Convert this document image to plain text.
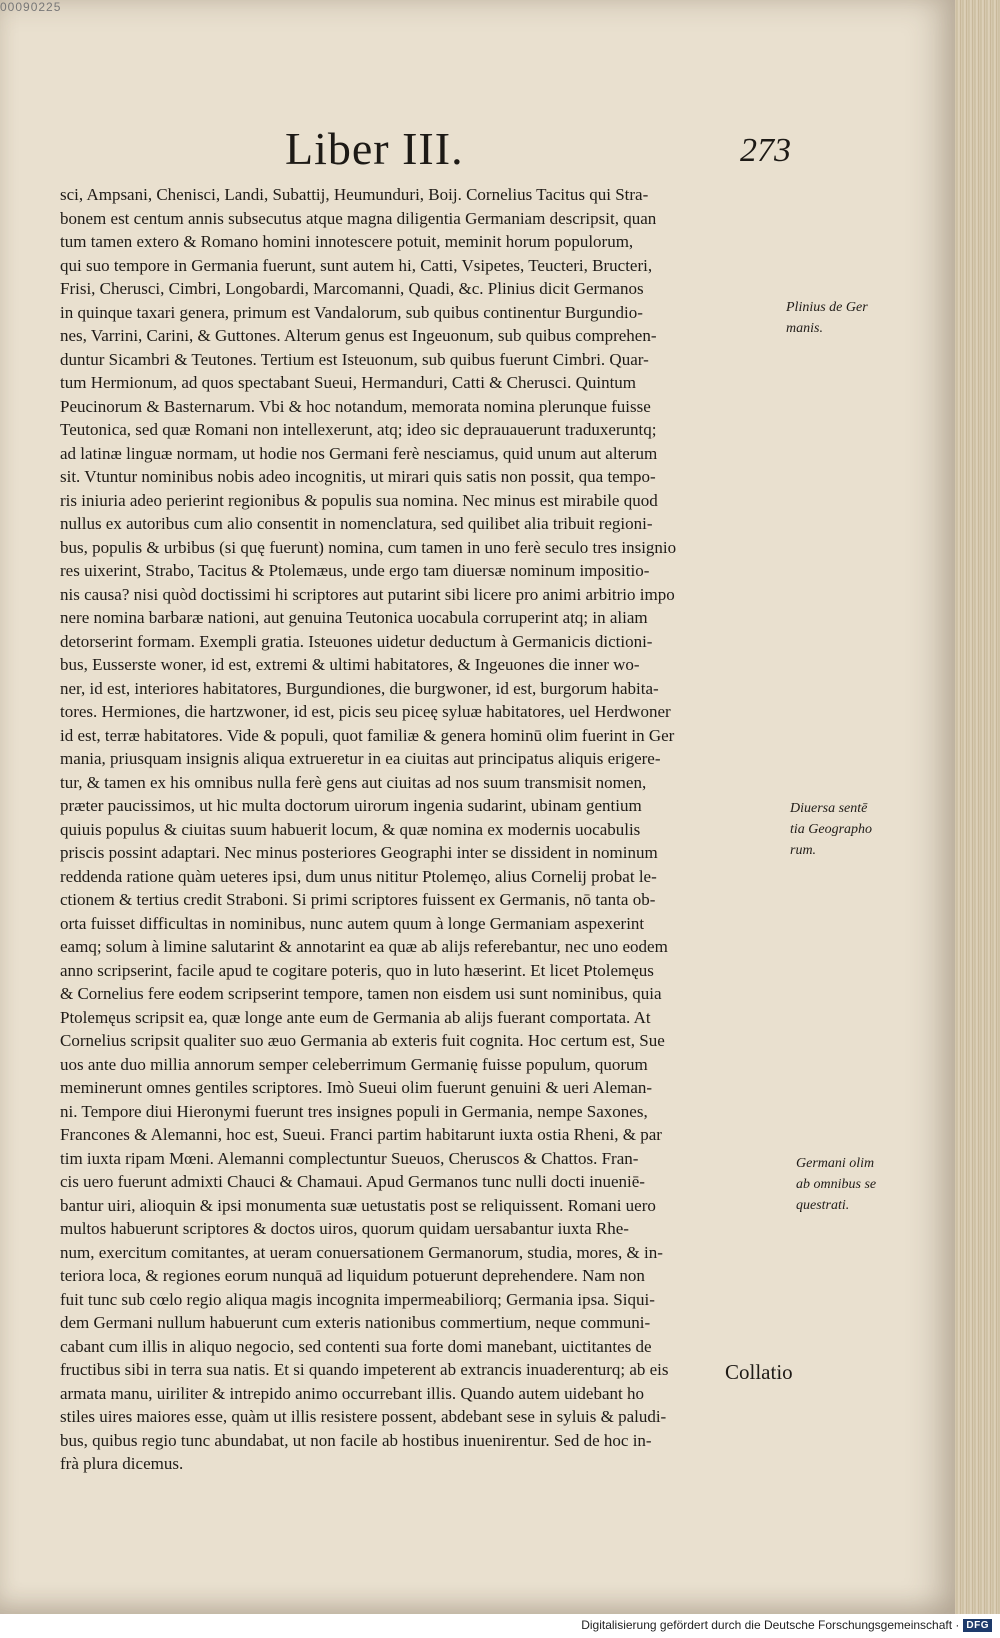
00090225
Liber III.	273
sci, Ampsani, Chenisci, Landi, Subattij, Heumunduri, Boij. Cornelius Tacitus qui Stra-
bonem est centum annis subsecutus atque magna diligentia Germaniam descripsit, quan
tum tamen extero & Romano homini innotescere potuit, meminit horum populorum,
qui suo tempore in Germania fuerunt, sunt autem hi, Catti, Vsipetes, Teucteri, Bructeri,
Frisi, Cherusci, Cimbri, Longobardi, Marcomanni, Quadi, &c. Plinius dicit Germanos
in quinque taxari genera, primum est Vandalorum, sub quibus continentur Burgundio-
nes, Varrini, Carini, & Guttones. Alterum genus est Ingeuonum, sub quibus comprehen-
duntur Sicambri & Teutones. Tertium est Isteuonum, sub quibus fuerunt Cimbri. Quar-
tum Hermionum, ad quos spectabant Sueui, Hermanduri, Catti & Cherusci. Quintum
Peucinorum & Basternarum. Vbi & hoc notandum, memorata nomina plerunque fuisse
Teutonica, sed quæ Romani non intellexerunt, atq; ideo sic deprauauerunt traduxeruntq;
ad latinæ linguæ normam, ut hodie nos Germani ferè nesciamus, quid unum aut alterum
sit. Vtuntur nominibus nobis adeo incognitis, ut mirari quis satis non possit, qua tempo-
ris iniuria adeo perierint regionibus & populis sua nomina. Nec minus est mirabile quod
nullus ex autoribus cum alio consentit in nomenclatura, sed quilibet alia tribuit regioni-
bus, populis & urbibus (si quę fuerunt) nomina, cum tamen in uno ferè seculo tres insignio
res uixerint, Strabo, Tacitus & Ptolemæus, unde ergo tam diuersæ nominum impositio-
nis causa? nisi quòd doctissimi hi scriptores aut putarint sibi licere pro animi arbitrio impo
nere nomina barbaræ nationi, aut genuina Teutonica uocabula corruperint atq; in aliam
detorserint formam. Exempli gratia. Isteuones uidetur deductum à Germanicis dictioni-
bus, Eusserste woner, id est, extremi & ultimi habitatores, & Ingeuones die inner wo-
ner, id est, interiores habitatores, Burgundiones, die burgwoner, id est, burgorum habita-
tores. Hermiones, die hartzwoner, id est, picis seu piceę syluæ habitatores, uel Herdwoner
id est, terræ habitatores. Vide & populi, quot familiæ & genera hominū olim fuerint in Ger
mania, priusquam insignis aliqua extrueretur in ea ciuitas aut principatus aliquis erigere-
tur, & tamen ex his omnibus nulla ferè gens aut ciuitas ad nos suum transmisit nomen,
præter paucissimos, ut hic multa doctorum uirorum ingenia sudarint, ubinam gentium
quiuis populus & ciuitas suum habuerit locum, & quæ nomina ex modernis uocabulis
priscis possint adaptari. Nec minus posteriores Geographi inter se dissident in nominum
reddenda ratione quàm ueteres ipsi, dum unus nititur Ptolemęo, alius Cornelij probat le-
ctionem & tertius credit Straboni. Si primi scriptores fuissent ex Germanis, nō tanta ob-
orta fuisset difficultas in nominibus, nunc autem quum à longe Germaniam aspexerint
eamq; solum à limine salutarint & annotarint ea quæ ab alijs referebantur, nec uno eodem
anno scripserint, facile apud te cogitare poteris, quo in luto hæserint. Et licet Ptolemęus
& Cornelius fere eodem scripserint tempore, tamen non eisdem usi sunt nominibus, quia
Ptolemęus scripsit ea, quæ longe ante eum de Germania ab alijs fuerant comportata. At
Cornelius scripsit qualiter suo æuo Germania ab exteris fuit cognita. Hoc certum est, Sue
uos ante duo millia annorum semper celeberrimum Germanię fuisse populum, quorum
meminerunt omnes gentiles scriptores. Imò Sueui olim fuerunt genuini & ueri Aleman-
ni. Tempore diui Hieronymi fuerunt tres insignes populi in Germania, nempe Saxones,
Francones & Alemanni, hoc est, Sueui. Franci partim habitarunt iuxta ostia Rheni, & par
tim iuxta ripam Mœni. Alemanni complectuntur Sueuos, Cheruscos & Chattos. Fran-
cis uero fuerunt admixti Chauci & Chamaui. Apud Germanos tunc nulli docti inueniē-
bantur uiri, alioquin & ipsi monumenta suæ uetustatis post se reliquissent. Romani uero
multos habuerunt scriptores & doctos uiros, quorum quidam uersabantur iuxta Rhe-
num, exercitum comitantes, at ueram conuersationem Germanorum, studia, mores, & in-
teriora loca, & regiones eorum nunquā ad liquidum potuerunt deprehendere. Nam non
fuit tunc sub cœlo regio aliqua magis incognita impermeabiliorq; Germania ipsa. Siqui-
dem Germani nullum habuerunt cum exteris nationibus commertium, neque communi-
cabant cum illis in aliquo negocio, sed contenti sua forte domi manebant, uictitantes de
fructibus sibi in terra sua natis. Et si quando impeterent ab extrancis inuaderenturq; ab eis
armata manu, uiriliter & intrepido animo occurrebant illis. Quando autem uidebant ho
stiles uires maiores esse, quàm ut illis resistere possent, abdebant sese in syluis & paludi-
bus, quibus regio tunc abundabat, ut non facile ab hostibus inuenirentur. Sed de hoc in-
frà plura dicemus.
Plinius de Ger
manis.
Diuersa sentē
tia Geographo
rum.
Germani olim
ab omnibus se
questrati.
Collatio
Digitalisierung gefördert durch die Deutsche Forschungsgemeinschaft · DFG
